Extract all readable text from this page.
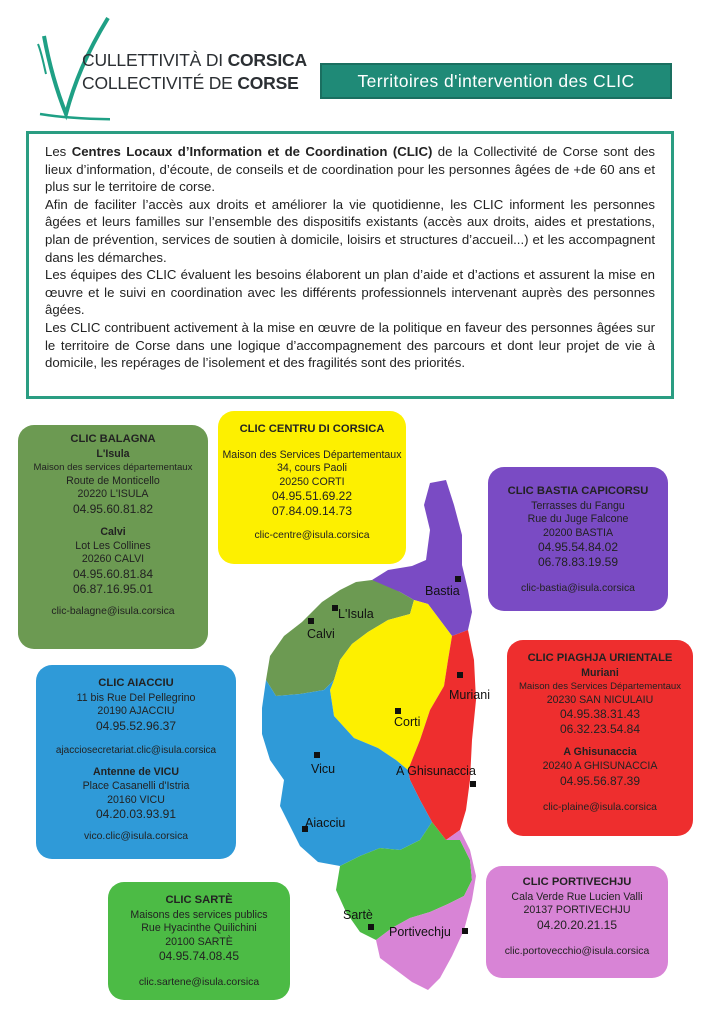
CULLETTIVITÀ DI CORSICA
COLLECTIVITÉ DE CORSE	Territoires d'intervention des CLIC

Les Centres Locaux d’Information et de Coordination (CLIC) de la Collectivité de Corse sont des lieux d’information, d’écoute, de conseils et de coordination pour les personnes âgées de +de 60 ans et plus sur le territoire de corse.

Afin de faciliter l’accès aux droits et améliorer la vie quotidienne, les CLIC informent les personnes âgées et leurs familles sur l’ensemble des dispositifs existants (accès aux droits, aides et prestations, plan de prévention, services de soutien à domicile, loisirs et structures d’accueil...) et les accompagnent dans les démarches.

Les équipes des CLIC évaluent les besoins élaborent un plan d’aide et d’actions et assurent la mise en œuvre et le suivi en coordination avec les différents professionnels intervenant auprès des personnes âgées.

Les CLIC contribuent activement à la mise en œuvre de la politique en faveur des personnes âgées sur le territoire de Corse dans une logique d’accompagnement des parcours et dont leur projet de vie à domicile, les repérages de l’isolement et des fragilités sont des priorités.

Bastia
L'Isula
Calvi
Muriani
Corti
Vicu	A Ghisunaccia
Aiacciu
Sartè
Portivechju
CLIC BALAGNA
L'Isula
Maison des services départementaux
Route de Monticello
20220 L'ISULA
04.95.60.81.82
Calvi
Lot Les Collines
20260 CALVI
04.95.60.81.84
06.87.16.95.01
clic-balagne@isula.corsica
CLIC CENTRU DI CORSICA
Maison des Services Départementaux
34, cours Paoli
20250 CORTI
04.95.51.69.22
07.84.09.14.73
clic-centre@isula.corsica
CLIC BASTIA CAPICORSU
Terrasses du Fangu
Rue du Juge Falcone
20200 BASTIA
04.95.54.84.02
06.78.83.19.59
clic-bastia@isula.corsica
CLIC AIACCIU
11 bis Rue Del Pellegrino
20190 AJACCIU
04.95.52.96.37
ajacciosecretariat.clic@isula.corsica
Antenne de VICU
Place Casanelli d'Istria
20160 VICU
04.20.03.93.91
vico.clic@isula.corsica
CLIC PIAGHJA URIENTALE
Muriani
Maison des Services Départementaux
20230 SAN NICULAIU
04.95.38.31.43
06.32.23.54.84
A Ghisunaccia
20240 A GHISUNACCIA
04.95.56.87.39
clic-plaine@isula.corsica
CLIC SARTÈ
Maisons des services publics
Rue Hyacinthe Quilichini
20100 SARTÈ
04.95.74.08.45
clic.sartene@isula.corsica
CLIC PORTIVECHJU
Cala Verde Rue Lucien Valli
20137 PORTIVECHJU
04.20.20.21.15
clic.portovecchio@isula.corsica
